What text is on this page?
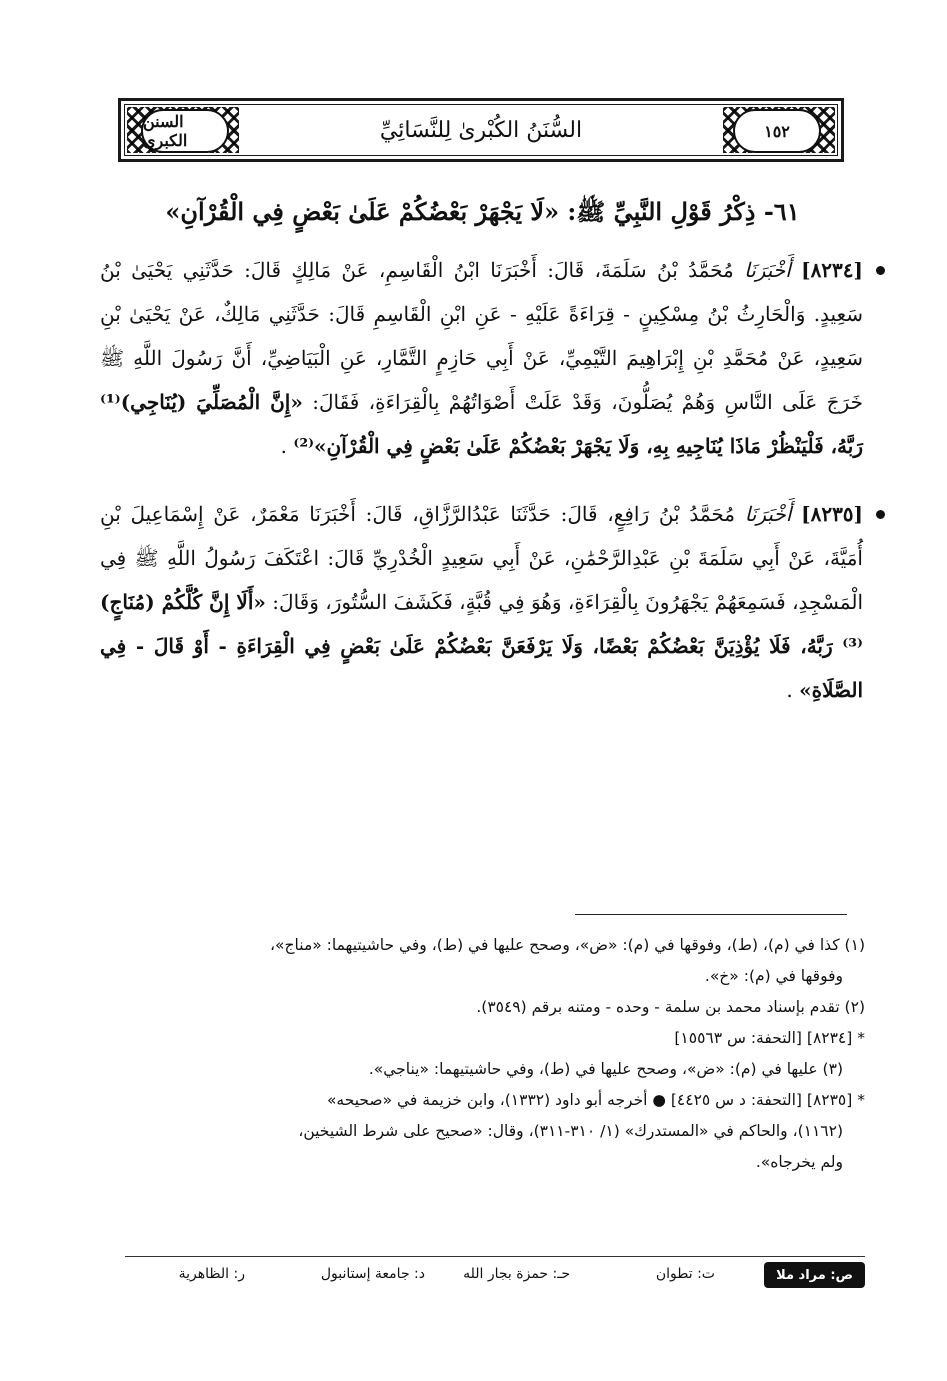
السنن الكبرى	١٥٢
السُّنَنُ الكُبْرىٰ لِلنَّسَائِيِّ
٦١- ذِكْرُ قَوْلِ النَّبِيِّ ﷺ: «لَا يَجْهَرْ بَعْضُكُمْ عَلَىٰ بَعْضٍ فِي الْقُرْآنِ»
[٨٢٣٤] أَخْبَرَنَا مُحَمَّدُ بْنُ سَلَمَةَ، قَالَ: أَخْبَرَنَا ابْنُ الْقَاسِمِ، عَنْ مَالِكٍ قَالَ: حَدَّثَنِي يَحْيَىٰ بْنُ سَعِيدٍ. وَالْحَارِثُ بْنُ مِسْكِينٍ - قِرَاءَةً عَلَيْهِ - عَنِ ابْنِ الْقَاسِمِ قَالَ: حَدَّثَنِي مَالِكٌ، عَنْ يَحْيَىٰ بْنِ سَعِيدٍ، عَنْ مُحَمَّدِ بْنِ إِبْرَاهِيمَ التَّيْمِيِّ، عَنْ أَبِي حَازِمٍ التَّمَّارِ، عَنِ الْبَيَاضِيِّ، أَنَّ رَسُولَ اللَّهِ ﷺ خَرَجَ عَلَى النَّاسِ وَهُمْ يُصَلُّونَ، وَقَدْ عَلَتْ أَصْوَاتُهُمْ بِالْقِرَاءَةِ، فَقَالَ: «إِنَّ الْمُصَلِّيَ (يُنَاجِي)⁽¹⁾ رَبَّهُ، فَلْيَنْظُرْ مَاذَا يُنَاجِيهِ بِهِ، وَلَا يَجْهَرْ بَعْضُكُمْ عَلَىٰ بَعْضٍ فِي الْقُرْآنِ»⁽²⁾ .
[٨٢٣٥] أَخْبَرَنَا مُحَمَّدُ بْنُ رَافِعٍ، قَالَ: حَدَّثَنَا عَبْدُالرَّزَّاقِ، قَالَ: أَخْبَرَنَا مَعْمَرٌ، عَنْ إِسْمَاعِيلَ بْنِ أُمَيَّةَ، عَنْ أَبِي سَلَمَةَ بْنِ عَبْدِالرَّحْمَٰنِ، عَنْ أَبِي سَعِيدٍ الْخُدْرِيِّ قَالَ: اعْتَكَفَ رَسُولُ اللَّهِ ﷺ فِي الْمَسْجِدِ، فَسَمِعَهُمْ يَجْهَرُونَ بِالْقِرَاءَةِ، وَهُوَ فِي قُبَّةٍ، فَكَشَفَ السُّتُورَ، وَقَالَ: «أَلَا إِنَّ كُلَّكُمْ (مُنَاجٍ)⁽³⁾ رَبَّهُ، فَلَا يُؤْذِيَنَّ بَعْضُكُمْ بَعْضًا، وَلَا يَرْفَعَنَّ بَعْضُكُمْ عَلَىٰ بَعْضٍ فِي الْقِرَاءَةِ - أَوْ قَالَ - فِي الصَّلَاةِ» .

(١) كذا في (م)، (ط)، وفوقها في (م): «ض»، وصحح عليها في (ط)، وفي حاشيتيهما: «مناج»،

وفوقها في (م): «خ».

(٢) تقدم بإسناد محمد بن سلمة - وحده - ومتنه برقم (٣٥٤٩).

* [٨٢٣٤] [التحفة: س ١٥٥٦٣]

(٣) عليها في (م): «ض»، وصحح عليها في (ط)، وفي حاشيتيهما: «يناجي».

* [٨٢٣٥] [التحفة: د س ٤٤٢٥] ● أخرجه أبو داود (١٣٣٢)، وابن خزيمة في «صحيحه»

(١١٦٢)، والحاكم في «المستدرك» (١/ ٣١٠-٣١١)، وقال: «صحيح على شرط الشيخين،

ولم يخرجاه».

ص: مراد ملا
ت: تطوان
حـ: حمزة بجار الله
د: جامعة إستانبول
ر: الظاهرية
